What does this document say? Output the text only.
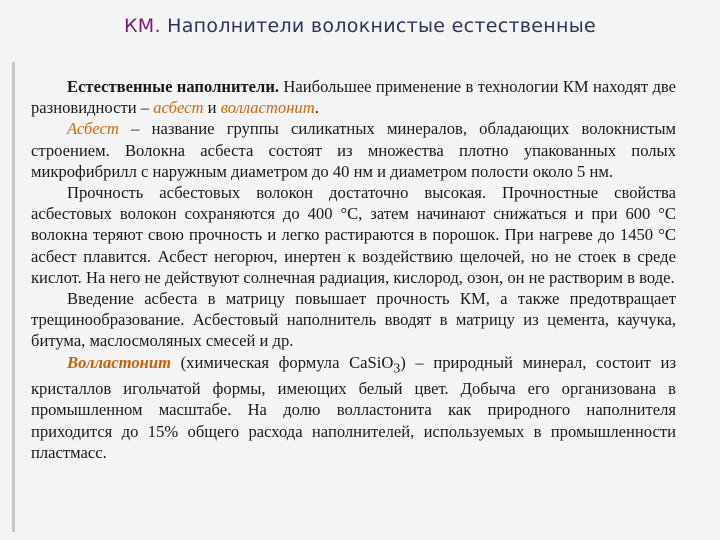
КМ. Наполнители волокнистые естественные

Естественные наполнители. Наибольшее применение в технологии КМ находят две разновидности – асбест и волластонит.

Асбест – название группы силикатных минералов, обладающих волокнистым строением. Волокна асбеста состоят из множества плотно упакованных полых микрофибрилл с наружным диаметром до 40 нм и диаметром полости около 5 нм.

Прочность асбестовых волокон достаточно высокая. Прочностные свойства асбестовых волокон сохраняются до 400 °С, затем начинают снижаться и при 600 °С волокна теряют свою прочность и легко растираются в порошок. При нагреве до 1450 °С асбест плавится. Асбест негорюч, инертен к воздействию щелочей, но не стоек в среде кислот. На него не действуют солнечная радиация, кислород, озон, он не растворим в воде.

Введение асбеста в матрицу повышает прочность КМ, а также предотвращает трещинообразование. Асбестовый наполнитель вводят в матрицу из цемента, каучука, битума, маслосмоляных смесей и др.

Волластонит (химическая формула CaSiO$_3$) – природный минерал, состоит из кристаллов игольчатой формы, имеющих белый цвет. Добыча его организована в промышленном масштабе. На долю волластонита как природного наполнителя приходится до 15% общего расхода наполнителей, используемых в промышленности пластмасс.
